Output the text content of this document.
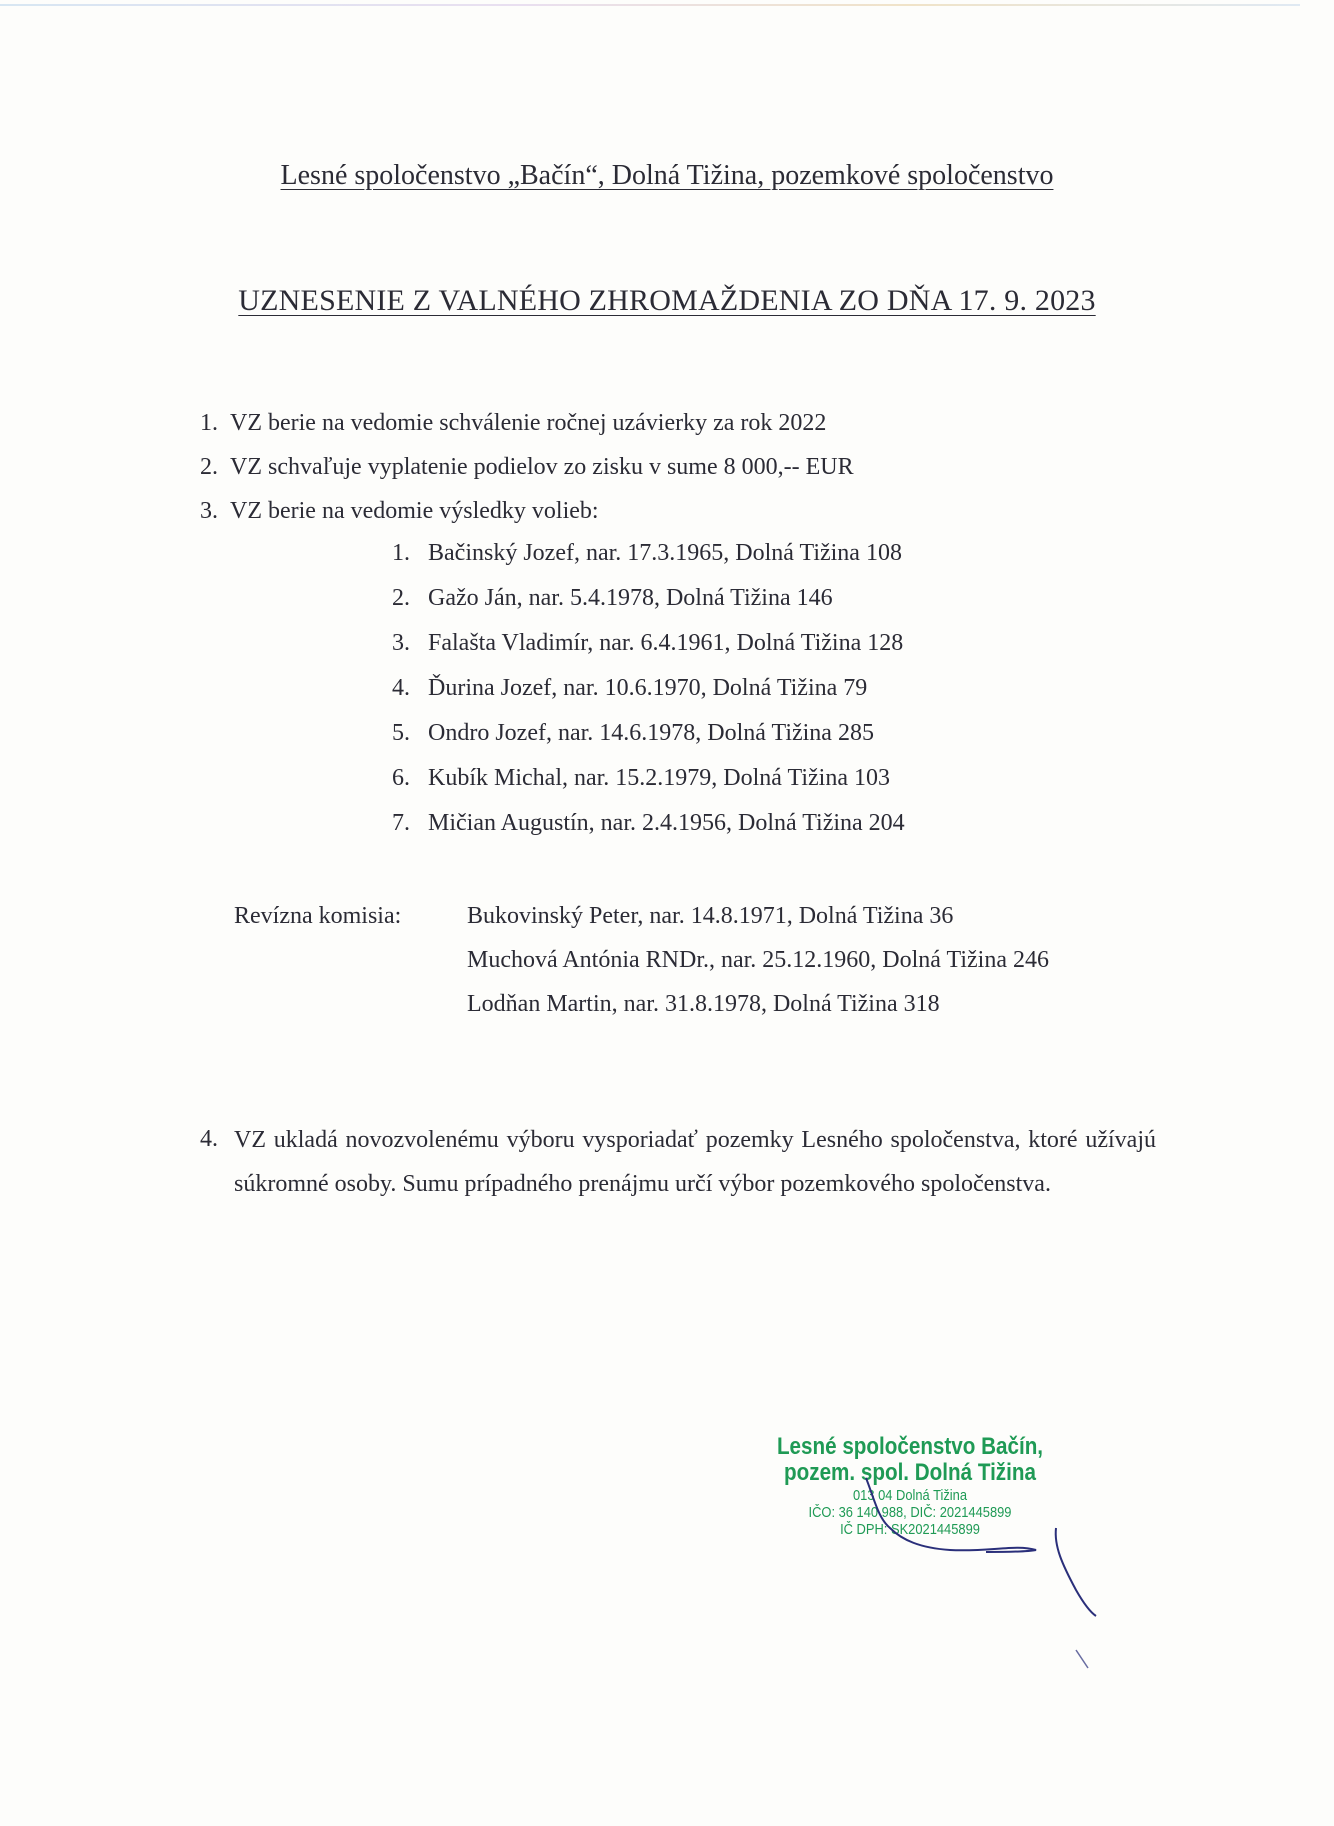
Lesné spoločenstvo „Bačín“, Dolná Tižina, pozemkové spoločenstvo
UZNESENIE Z VALNÉHO ZHROMAŽDENIA ZO DŇA 17. 9. 2023
1. VZ berie na vedomie schválenie ročnej uzávierky za rok 2022
2. VZ schvaľuje vyplatenie podielov zo zisku v sume 8 000,-- EUR
3. VZ berie na vedomie výsledky volieb:
1. Bačinský Jozef, nar. 17.3.1965, Dolná Tižina 108
2. Gažo Ján, nar. 5.4.1978, Dolná Tižina 146
3. Falašta Vladimír, nar. 6.4.1961, Dolná Tižina 128
4. Ďurina Jozef, nar. 10.6.1970, Dolná Tižina 79
5. Ondro Jozef, nar. 14.6.1978, Dolná Tižina 285
6. Kubík Michal, nar. 15.2.1979, Dolná Tižina 103
7. Mičian Augustín, nar. 2.4.1956, Dolná Tižina 204
Revízna komisia:	Bukovinský Peter, nar. 14.8.1971, Dolná Tižina 36
Muchová Antónia RNDr., nar. 25.12.1960, Dolná Tižina 246
Lodňan Martin, nar. 31.8.1978, Dolná Tižina 318
4. VZ ukladá novozvolenému výboru vysporiadať pozemky Lesného spoločenstva, ktoré užívajú súkromné osoby. Sumu prípadného prenájmu určí výbor pozemkového spoločenstva.
Lesné spoločenstvo Bačín,
pozem. spol. Dolná Tižina
013 04 Dolná Tižina
IČO: 36 140 988, DIČ: 2021445899
IČ DPH: SK2021445899
